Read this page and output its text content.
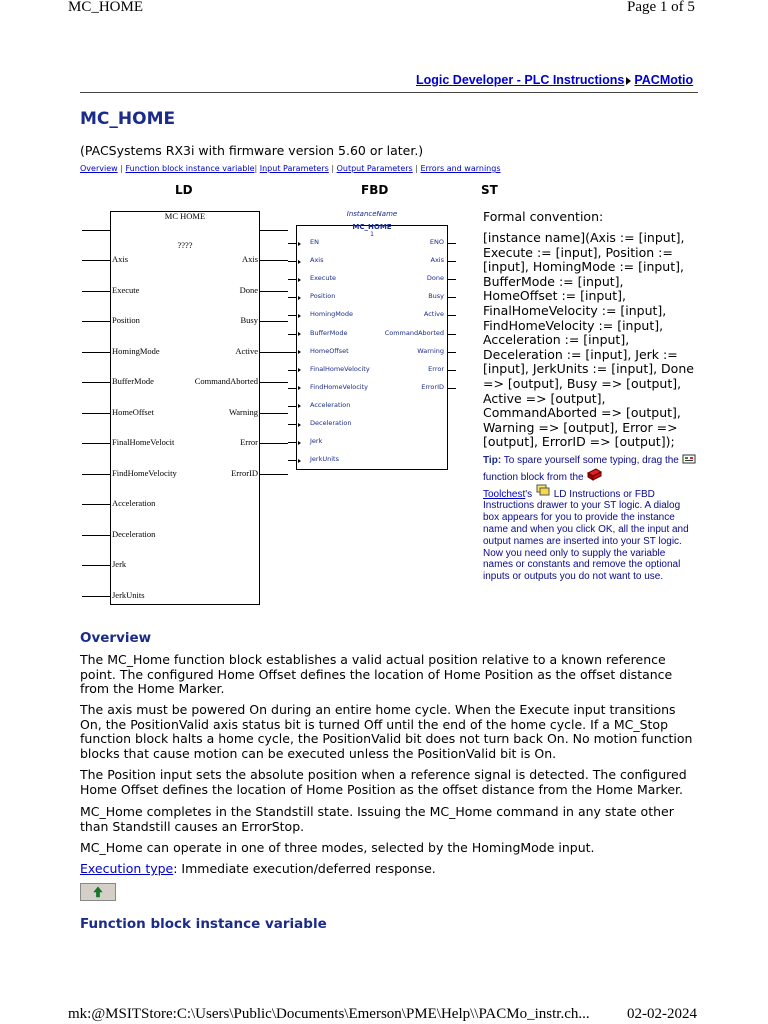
MC_HOME	Page 1 of 5
Logic Developer - PLC Instructions PACMotio
MC_HOME
(PACSystems RX3i with firmware version 5.60 or later.)
Overview | Function block instance variable| Input Parameters | Output Parameters | Errors and warnings
LD	FBD	ST
MC HOME
????
Axis
Execute
Position
HomingMode
BufferMode
HomeOffset
FinalHomeVelocit
FindHomeVelocity
Acceleration
Deceleration
Jerk
JerkUnits
Axis
Done
Busy
Active
CommandAborted
Warning
Error
ErrorID
InstanceName
MC_HOME
1
EN
Axis
Execute
Position
HomingMode
BufferMode
HomeOffset
FinalHomeVelocity
FindHomeVelocity
Acceleration
Deceleration
Jerk
JerkUnits
ENO
Axis
Done
Busy
Active
CommandAborted
Warning
Error
ErrorID
Formal convention:
[instance name](Axis := [input], Execute := [input], Position := [input], HomingMode := [input], BufferMode := [input], HomeOffset := [input], FinalHomeVelocity := [input], FindHomeVelocity := [input], Acceleration := [input], Deceleration := [input], Jerk := [input], JerkUnits := [input], Done => [output], Busy => [output], Active => [output], CommandAborted => [output], Warning => [output], Error => [output], ErrorID => [output]);
Tip: To spare yourself some typing, drag the  function block from the
Toolchest's LD Instructions or FBD Instructions drawer to your ST logic. A dialog box appears for you to provide the instance name and when you click OK, all the input and output names are inserted into your ST logic. Now you need only to supply the variable names or constants and remove the optional inputs or outputs you do not want to use.
Overview
The MC_Home function block establishes a valid actual position relative to a known reference point. The configured Home Offset defines the location of Home Position as the offset distance from the Home Marker.
The axis must be powered On during an entire home cycle. When the Execute input transitions On, the PositionValid axis status bit is turned Off until the end of the home cycle. If a MC_Stop function block halts a home cycle, the PositionValid bit does not turn back On. No motion function blocks that cause motion can be executed unless the PositionValid bit is On.
The Position input sets the absolute position when a reference signal is detected. The configured Home Offset defines the location of Home Position as the offset distance from the Home Marker.
MC_Home completes in the Standstill state. Issuing the MC_Home command in any state other than Standstill causes an ErrorStop.
MC_Home can operate in one of three modes, selected by the HomingMode input.
Execution type: Immediate execution/deferred response.
Function block instance variable
mk:@MSITStore:C:\Users\Public\Documents\Emerson\PME\Help\\PACMo_instr.ch... 02-02-2024
